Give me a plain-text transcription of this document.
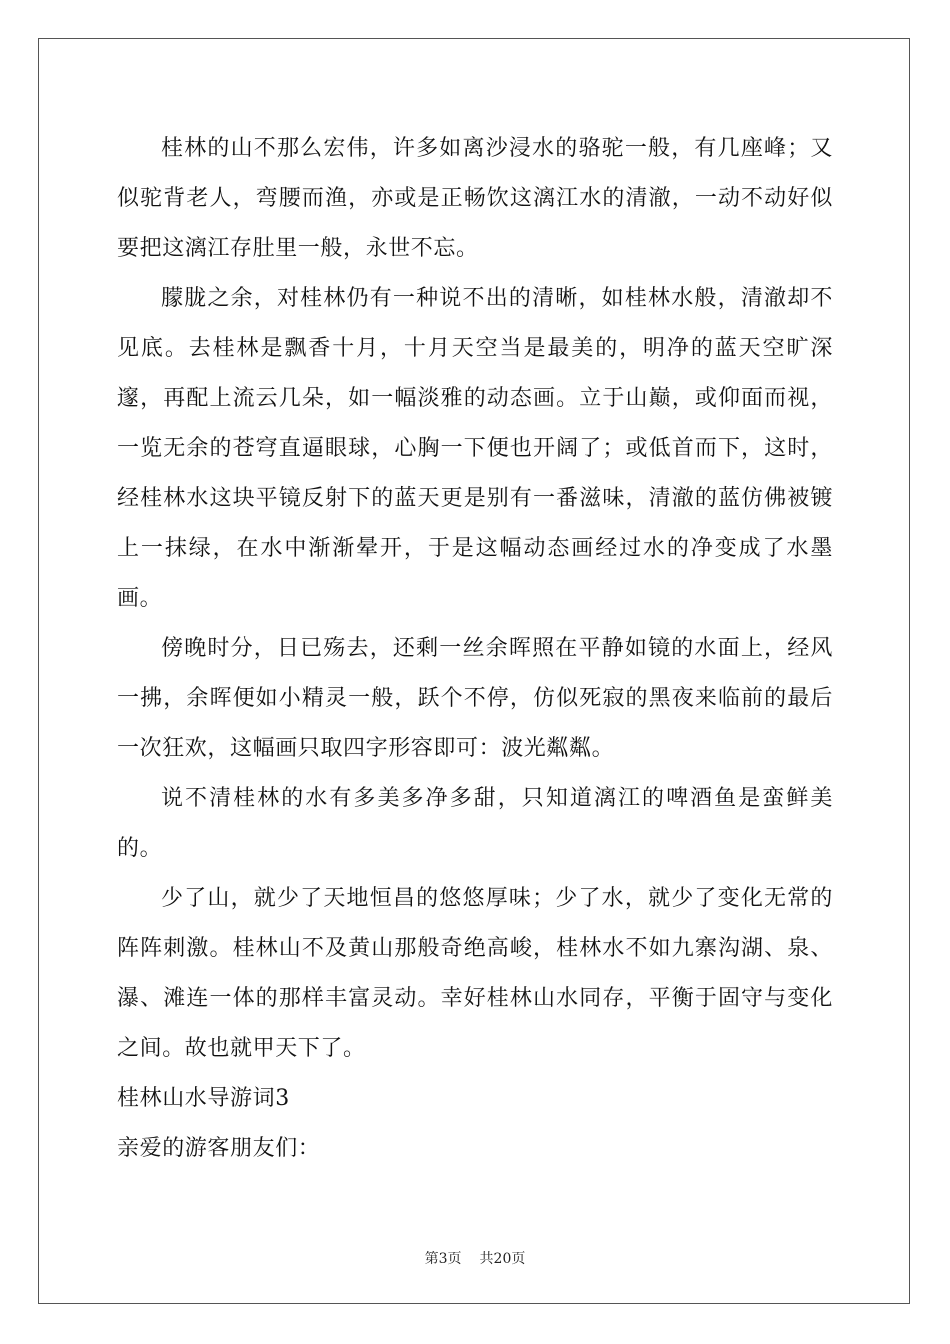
桂林的山不那么宏伟，许多如离沙浸水的骆驼一般，有几座峰；又似驼背老人，弯腰而渔，亦或是正畅饮这漓江水的清澈，一动不动好似要把这漓江存肚里一般，永世不忘。

朦胧之余，对桂林仍有一种说不出的清晰，如桂林水般，清澈却不见底。去桂林是飘香十月，十月天空当是最美的，明净的蓝天空旷深邃，再配上流云几朵，如一幅淡雅的动态画。立于山巅，或仰面而视，一览无余的苍穹直逼眼球，心胸一下便也开阔了；或低首而下，这时，经桂林水这块平镜反射下的蓝天更是别有一番滋味，清澈的蓝仿佛被镀上一抹绿，在水中渐渐晕开，于是这幅动态画经过水的净变成了水墨画。

傍晚时分，日已殇去，还剩一丝余晖照在平静如镜的水面上，经风一拂，余晖便如小精灵一般，跃个不停，仿似死寂的黑夜来临前的最后一次狂欢，这幅画只取四字形容即可：波光粼粼。

说不清桂林的水有多美多净多甜，只知道漓江的啤酒鱼是蛮鲜美的。

少了山，就少了天地恒昌的悠悠厚味；少了水，就少了变化无常的阵阵刺激。桂林山不及黄山那般奇绝高峻，桂林水不如九寨沟湖、泉、瀑、滩连一体的那样丰富灵动。幸好桂林山水同存，平衡于固守与变化之间。故也就甲天下了。

桂林山水导游词3

亲爱的游客朋友们：

第3页 共20页
